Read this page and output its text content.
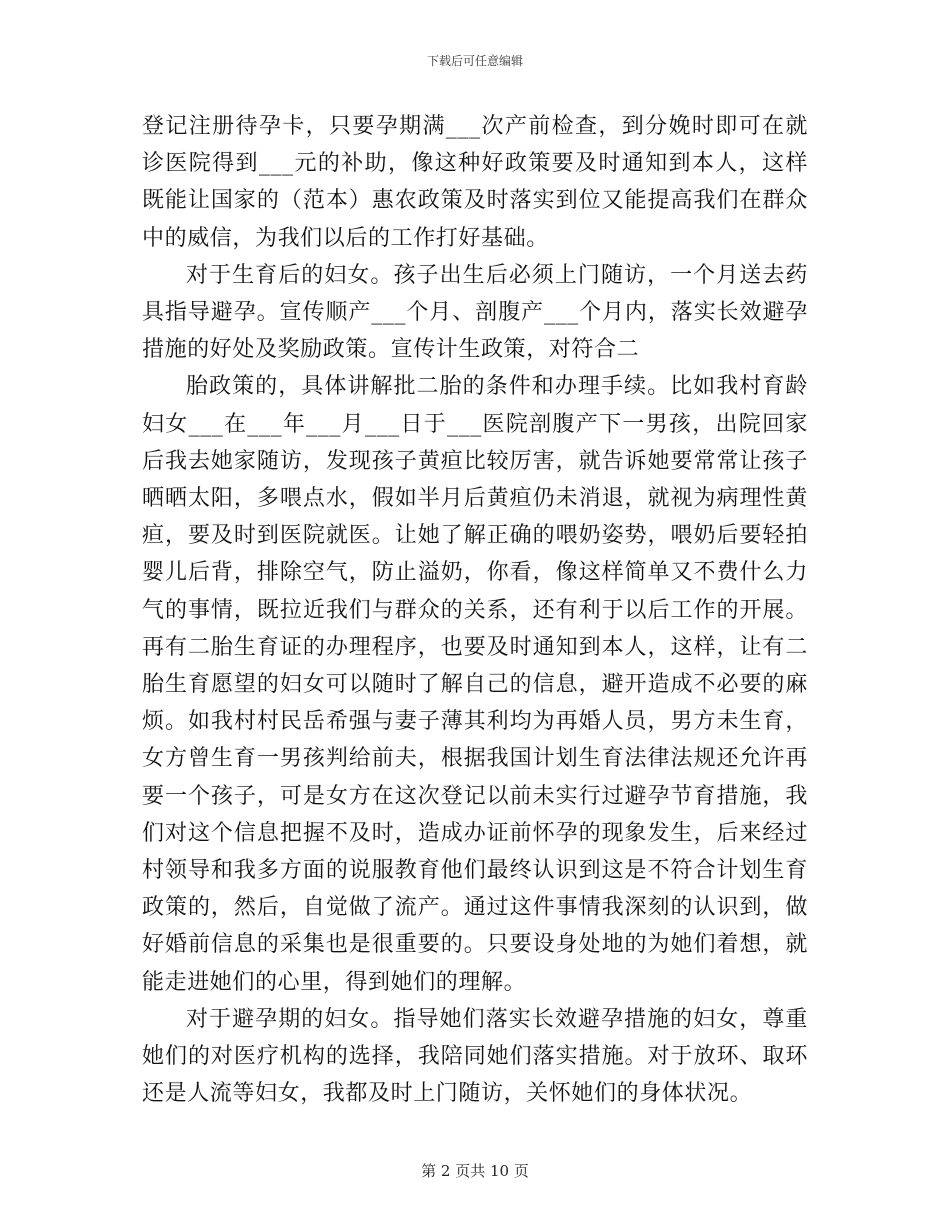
下载后可任意编辑

登记注册待孕卡，只要孕期满___次产前检查，到分娩时即可在就诊医院得到___元的补助，像这种好政策要及时通知到本人，这样既能让国家的（范本）惠农政策及时落实到位又能提高我们在群众中的威信，为我们以后的工作打好基础。

对于生育后的妇女。孩子出生后必须上门随访，一个月送去药具指导避孕。宣传顺产___个月、剖腹产___个月内，落实长效避孕措施的好处及奖励政策。宣传计生政策，对符合二

胎政策的，具体讲解批二胎的条件和办理手续。比如我村育龄妇女___在___年___月___日于___医院剖腹产下一男孩，出院回家后我去她家随访，发现孩子黄疸比较厉害，就告诉她要常常让孩子晒晒太阳，多喂点水，假如半月后黄疸仍未消退，就视为病理性黄疸，要及时到医院就医。让她了解正确的喂奶姿势，喂奶后要轻拍婴儿后背，排除空气，防止溢奶，你看，像这样简单又不费什么力气的事情，既拉近我们与群众的关系，还有利于以后工作的开展。再有二胎生育证的办理程序，也要及时通知到本人，这样，让有二胎生育愿望的妇女可以随时了解自己的信息，避开造成不必要的麻烦。如我村村民岳希强与妻子薄其利均为再婚人员，男方未生育，女方曾生育一男孩判给前夫，根据我国计划生育法律法规还允许再要一个孩子，可是女方在这次登记以前未实行过避孕节育措施，我们对这个信息把握不及时，造成办证前怀孕的现象发生，后来经过村领导和我多方面的说服教育他们最终认识到这是不符合计划生育政策的，然后，自觉做了流产。通过这件事情我深刻的认识到，做好婚前信息的采集也是很重要的。只要设身处地的为她们着想，就能走进她们的心里，得到她们的理解。

对于避孕期的妇女。指导她们落实长效避孕措施的妇女，尊重她们的对医疗机构的选择，我陪同她们落实措施。对于放环、取环还是人流等妇女，我都及时上门随访，关怀她们的身体状况。

第 2 页共 10 页
